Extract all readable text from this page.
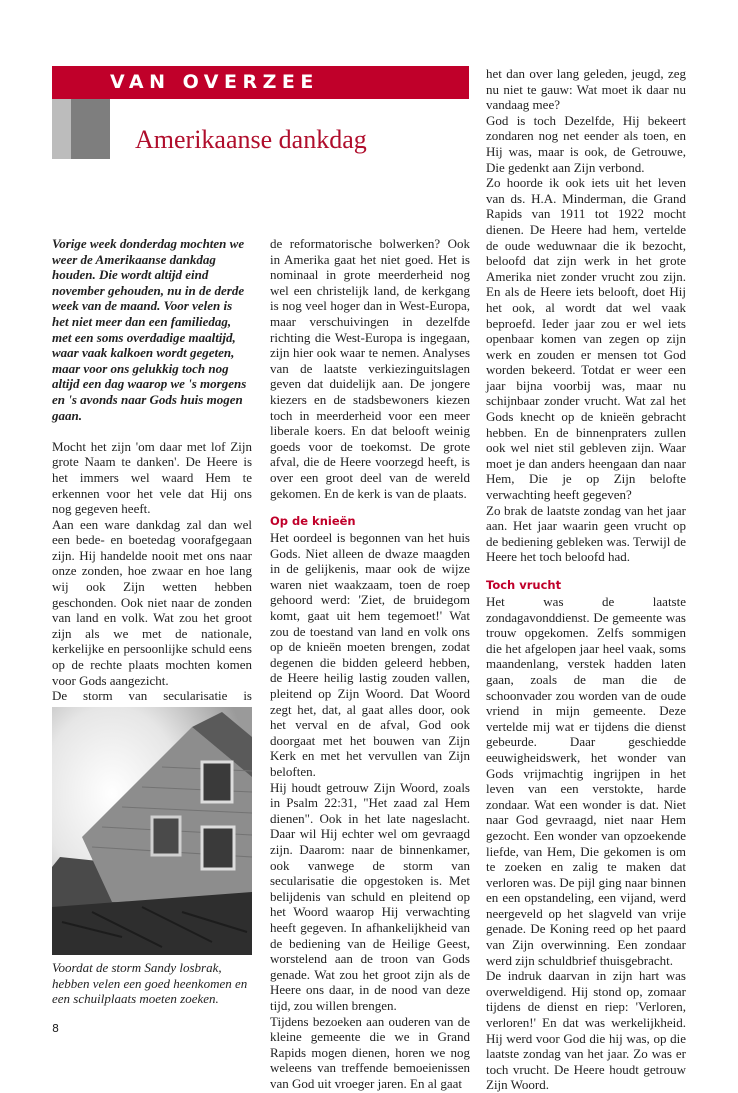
VAN OVERZEE
Amerikaanse dankdag

Vorige week donderdag mochten we weer de Amerikaanse dankdag houden. Die wordt altijd eind november gehouden, nu in de derde week van de maand. Voor velen is het niet meer dan een familiedag, met een soms overdadige maaltijd, waar vaak kalkoen wordt gegeten, maar voor ons gelukkig toch nog altijd een dag waarop we 's morgens en 's avonds naar Gods huis mogen gaan.

Mocht het zijn 'om daar met lof Zijn grote Naam te danken'. De Heere is het immers wel waard Hem te erkennen voor het vele dat Hij ons nog gegeven heeft.

Aan een ware dankdag zal dan wel een bede- en boetedag voorafgegaan zijn. Hij handelde nooit met ons naar onze zonden, hoe zwaar en hoe lang wij ook Zijn wetten hebben geschonden. Ook niet naar de zonden van land en volk. Wat zou het groot zijn als we met de nationale, kerkelijke en persoonlijke schuld eens op de rechte plaats mochten komen voor Gods aangezicht.

De storm van secularisatie is

Voordat de storm Sandy losbrak, hebben velen een goed heenkomen en een schuilplaats moeten zoeken.

de reformatorische bolwerken? Ook in Amerika gaat het niet goed. Het is nominaal in grote meerderheid nog wel een christelijk land, de kerkgang is nog veel hoger dan in West-Europa, maar verschuivingen in dezelfde richting die West-Europa is ingegaan, zijn hier ook waar te nemen. Analyses van de laatste verkiezinguitslagen geven dat duidelijk aan. De jongere kiezers en de stadsbewoners kiezen toch in meerderheid voor een meer liberale koers. En dat belooft weinig goeds voor de toekomst. De grote afval, die de Heere voorzegd heeft, is over een groot deel van de wereld gekomen. En de kerk is van de plaats.

Op de knieën

Het oordeel is begonnen van het huis Gods. Niet alleen de dwaze maagden in de gelijkenis, maar ook de wijze waren niet waakzaam, toen de roep gehoord werd: 'Ziet, de bruidegom komt, gaat uit hem tegemoet!' Wat zou de toestand van land en volk ons op de knieën moeten brengen, zodat degenen die bidden geleerd hebben, de Heere heilig lastig zouden vallen, pleitend op Zijn Woord. Dat Woord zegt het, dat, al gaat alles door, ook het verval en de afval, God ook doorgaat met het bouwen van Zijn Kerk en met het vervullen van Zijn beloften.

Hij houdt getrouw Zijn Woord, zoals in Psalm 22:31, "Het zaad zal Hem dienen". Ook in het late nageslacht. Daar wil Hij echter wel om gevraagd zijn. Daarom: naar de binnenkamer, ook vanwege de storm van secularisatie die opgestoken is. Met belijdenis van schuld en pleitend op het Woord waarop Hij verwachting heeft gegeven. In afhankelijkheid van de bediening van de Heilige Geest, worstelend aan de troon van Gods genade. Wat zou het groot zijn als de Heere ons daar, in de nood van deze tijd, zou willen brengen.

Tijdens bezoeken aan ouderen van de kleine gemeente die we in Grand Rapids mogen dienen, horen we nog weleens van treffende bemoeienissen van God uit vroeger jaren. En al gaat

het dan over lang geleden, jeugd, zeg nu niet te gauw: Wat moet ik daar nu vandaag mee?

God is toch Dezelfde, Hij bekeert zondaren nog net eender als toen, en Hij was, maar is ook, de Getrouwe, Die gedenkt aan Zijn verbond.

Zo hoorde ik ook iets uit het leven van ds. H.A. Minderman, die Grand Rapids van 1911 tot 1922 mocht dienen. De Heere had hem, vertelde de oude weduwnaar die ik bezocht, beloofd dat zijn werk in het grote Amerika niet zonder vrucht zou zijn. En als de Heere iets belooft, doet Hij het ook, al wordt dat wel vaak beproefd. Ieder jaar zou er wel iets openbaar komen van zegen op zijn werk en zouden er mensen tot God worden bekeerd. Totdat er weer een jaar bijna voorbij was, maar nu schijnbaar zonder vrucht. Wat zal het Gods knecht op de knieën gebracht hebben. En de binnenpraters zullen ook wel niet stil gebleven zijn. Waar moet je dan anders heengaan dan naar Hem, Die je op Zijn belofte verwachting heeft gegeven?

Zo brak de laatste zondag van het jaar aan. Het jaar waarin geen vrucht op de bediening gebleken was. Terwijl de Heere het toch beloofd had.

Toch vrucht

Het was de laatste zondagavonddienst. De gemeente was trouw opgekomen. Zelfs sommigen die het afgelopen jaar heel vaak, soms maandenlang, verstek hadden laten gaan, zoals de man die de schoonvader zou worden van de oude vriend in mijn gemeente. Deze vertelde mij wat er tijdens die dienst gebeurde. Daar geschiedde eeuwigheidswerk, het wonder van Gods vrijmachtig ingrijpen in het leven van een verstokte, harde zondaar. Wat een wonder is dat. Niet naar God gevraagd, niet naar Hem gezocht. Een wonder van opzoekende liefde, van Hem, Die gekomen is om te zoeken en zalig te maken dat verloren was. De pijl ging naar binnen en een opstandeling, een vijand, werd neergeveld op het slagveld van vrije genade. De Koning reed op het paard van Zijn overwinning. Een zondaar werd zijn schuldbrief thuisgebracht.

De indruk daarvan in zijn hart was overweldigend. Hij stond op, zomaar tijdens de dienst en riep: 'Verloren, verloren!' En dat was werkelijkheid. Hij werd voor God die hij was, op die laatste zondag van het jaar. Zo was er toch vrucht. De Heere houdt getrouw Zijn Woord.

8
